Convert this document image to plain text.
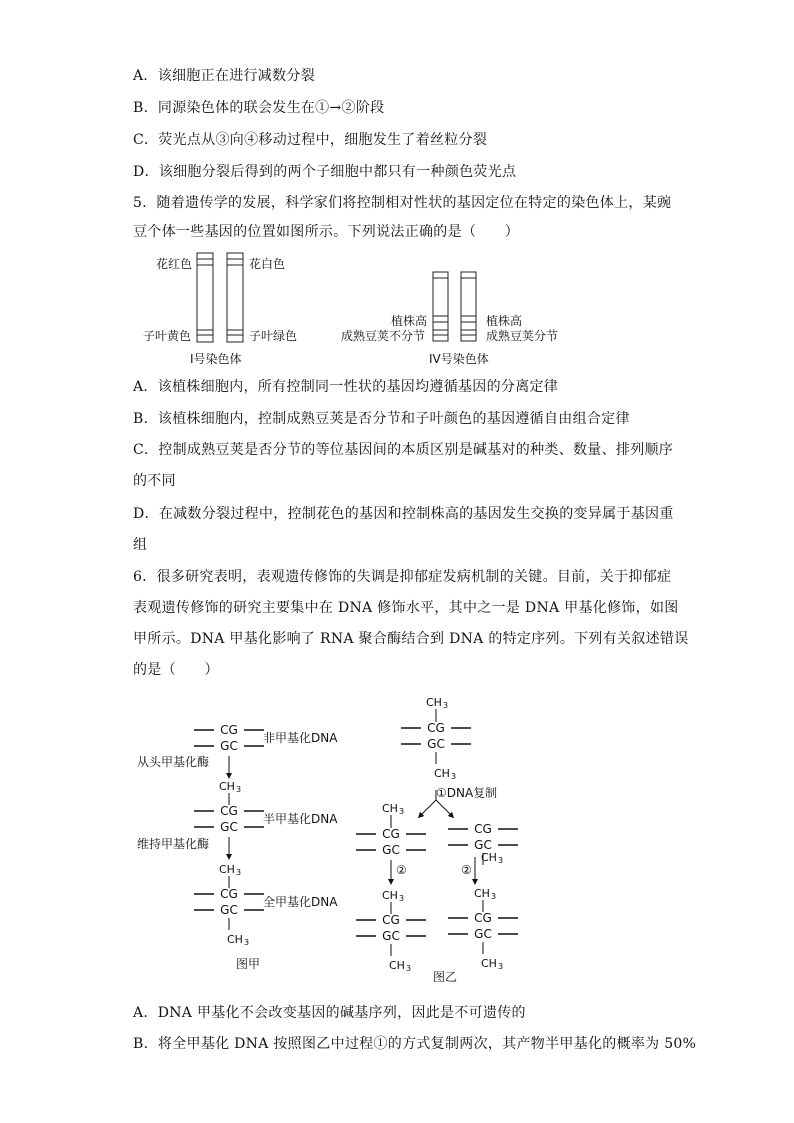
A．该细胞正在进行减数分裂
B．同源染色体的联会发生在①→②阶段
C．荧光点从③向④移动过程中，细胞发生了着丝粒分裂
D．该细胞分裂后得到的两个子细胞中都只有一种颜色荧光点
5．随着遗传学的发展，科学家们将控制相对性状的基因定位在特定的染色体上，某豌
豆个体一些基因的位置如图所示。下列说法正确的是（　　）
花红色	花白色
子叶黄色	子叶绿色
I号染色体
植株高
成熟豆荚不分节
植株高
成熟豆荚分节
IV号染色体
A．该植株细胞内，所有控制同一性状的基因均遵循基因的分离定律
B．该植株细胞内，控制成熟豆荚是否分节和子叶颜色的基因遵循自由组合定律
C．控制成熟豆荚是否分节的等位基因间的本质区别是碱基对的种类、数量、排列顺序
的不同
D．在减数分裂过程中，控制花色的基因和控制株高的基因发生交换的变异属于基因重
组
6．很多研究表明，表观遗传修饰的失调是抑郁症发病机制的关键。目前，关于抑郁症
表观遗传修饰的研究主要集中在 DNA 修饰水平，其中之一是 DNA 甲基化修饰，如图
甲所示。DNA 甲基化影响了 RNA 聚合酶结合到 DNA 的特定序列。下列有关叙述错误
的是（　　）
CG
GC
非甲基化DNA
从头甲基化酶
CH 3
CG
GC
半甲基化DNA
维持甲基化酶
CH 3
CG
GC
CH 3
全甲基化DNA
图甲
CH 3
CG
GC
CH 3
①DNA复制
CH 3
CG
GC
②
CG
GC
CH 3
②
CH 3
CG
GC
CH 3
CH 3
CG
GC
CH 3
图乙
A．DNA 甲基化不会改变基因的碱基序列，因此是不可遗传的
B．将全甲基化 DNA 按照图乙中过程①的方式复制两次，其产物半甲基化的概率为 50%
